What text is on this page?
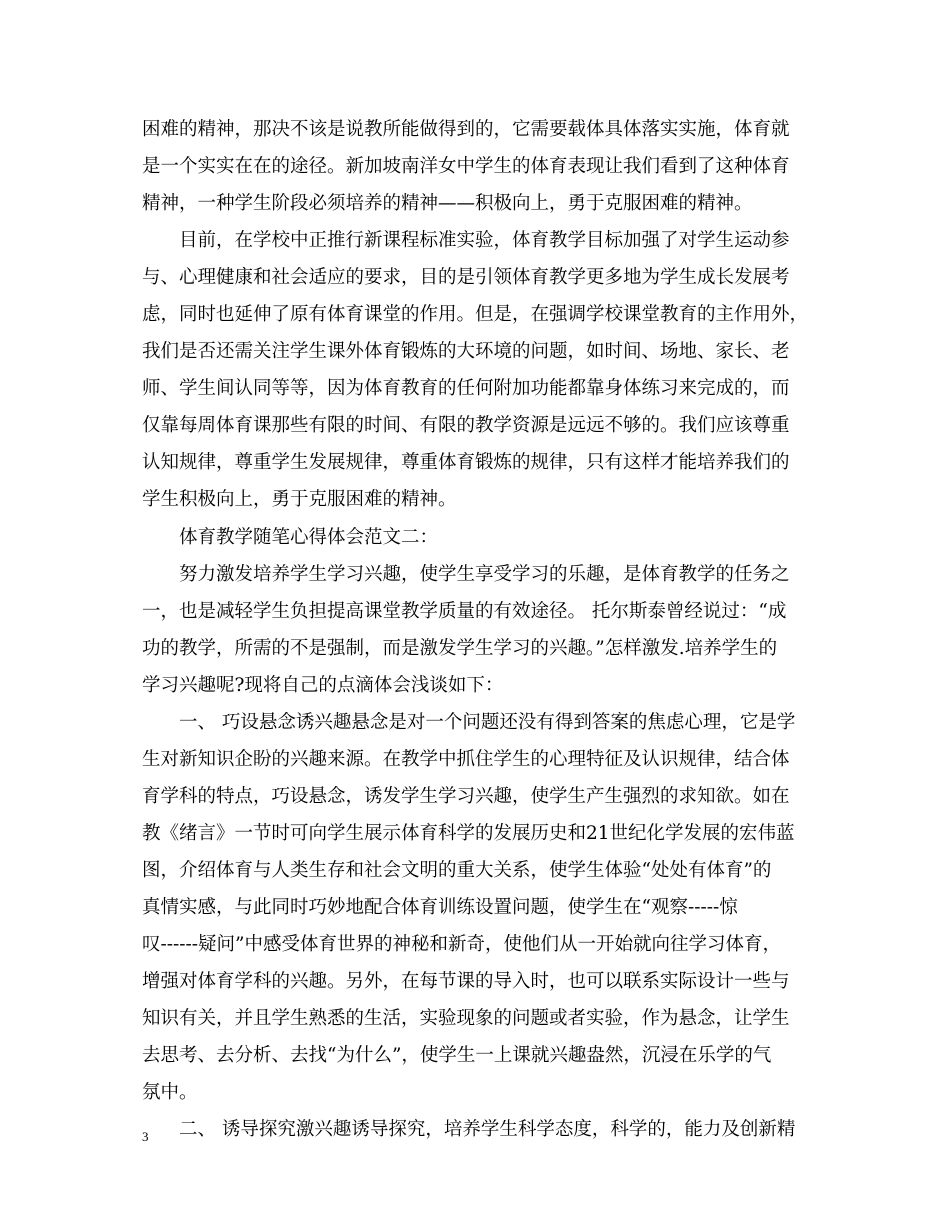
困难的精神，那决不该是说教所能做得到的，它需要载体具体落实实施，体育就
是一个实实在在的途径。新加坡南洋女中学生的体育表现让我们看到了这种体育
精神，一种学生阶段必须培养的精神——积极向上，勇于克服困难的精神。
目前，在学校中正推行新课程标准实验，体育教学目标加强了对学生运动参
与、心理健康和社会适应的要求，目的是引领体育教学更多地为学生成长发展考
虑，同时也延伸了原有体育课堂的作用。但是，在强调学校课堂教育的主作用外，
我们是否还需关注学生课外体育锻炼的大环境的问题，如时间、场地、家长、老
师、学生间认同等等，因为体育教育的任何附加功能都靠身体练习来完成的，而
仅靠每周体育课那些有限的时间、有限的教学资源是远远不够的。我们应该尊重
认知规律，尊重学生发展规律，尊重体育锻炼的规律，只有这样才能培养我们的
学生积极向上，勇于克服困难的精神。
体育教学随笔心得体会范文二：
努力激发培养学生学习兴趣，使学生享受学习的乐趣，是体育教学的任务之
一，也是减轻学生负担提高课堂教学质量的有效途径。 托尔斯泰曾经说过：“成
功的教学，所需的不是强制，而是激发学生学习的兴趣。”怎样激发.培养学生的
学习兴趣呢?现将自己的点滴体会浅谈如下：
一、 巧设悬念诱兴趣悬念是对一个问题还没有得到答案的焦虑心理，它是学
生对新知识企盼的兴趣来源。在教学中抓住学生的心理特征及认识规律，结合体
育学科的特点，巧设悬念，诱发学生学习兴趣，使学生产生强烈的求知欲。如在
教《绪言》一节时可向学生展示体育科学的发展历史和21世纪化学发展的宏伟蓝
图，介绍体育与人类生存和社会文明的重大关系，使学生体验“处处有体育”的
真情实感，与此同时巧妙地配合体育训练设置问题，使学生在“观察-----惊
叹------疑问”中感受体育世界的神秘和新奇，使他们从一开始就向往学习体育，
增强对体育学科的兴趣。另外，在每节课的导入时，也可以联系实际设计一些与
知识有关，并且学生熟悉的生活，实验现象的问题或者实验，作为悬念，让学生
去思考、去分析、去找“为什么”，使学生一上课就兴趣盎然，沉浸在乐学的气
氛中。
二、 诱导探究激兴趣诱导探究，培养学生科学态度，科学的，能力及创新精
3
